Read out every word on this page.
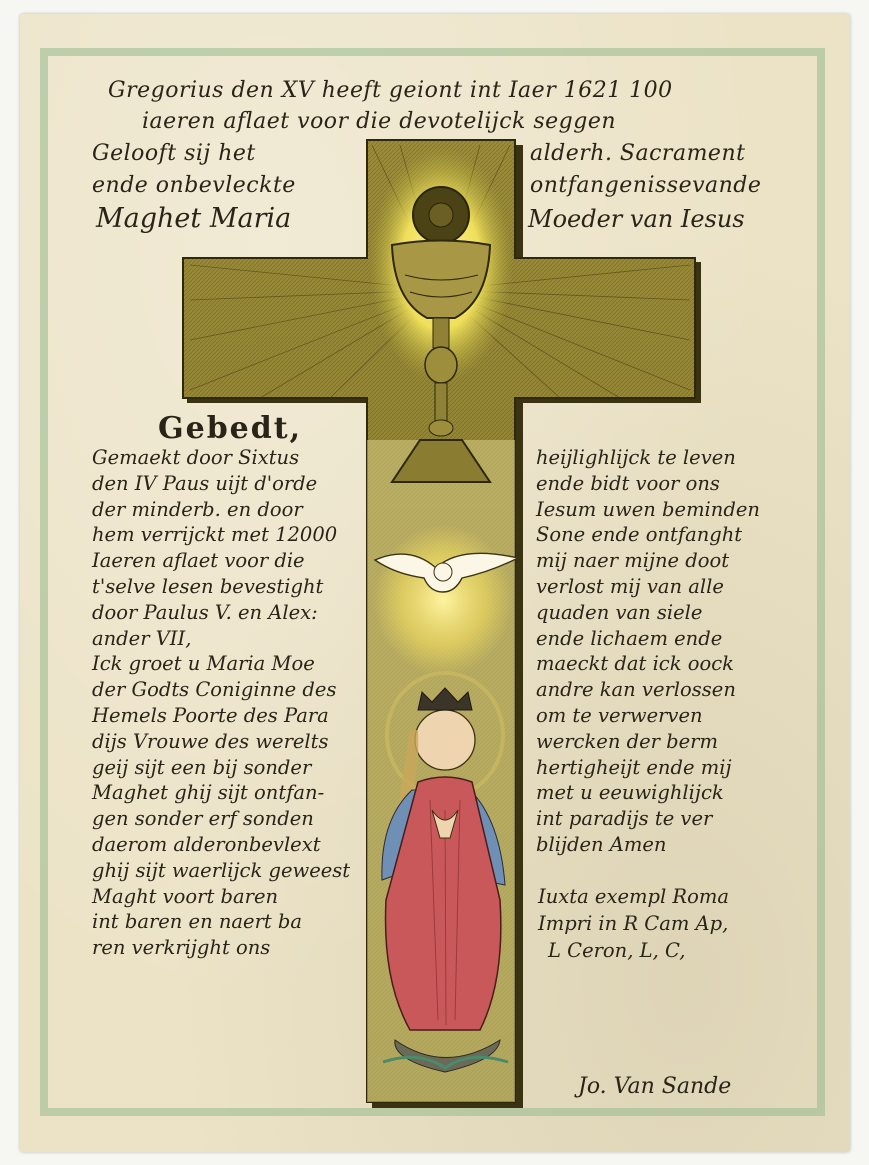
Gregorius den XV heeft geiont int Iaer 1621 100
iaeren aflaet voor die devotelijck seggen
Gelooft sij het
ende onbevleckte
Maghet Maria
alderh. Sacrament
ontfangenissevande
Moeder van Iesus
Gebedt,
Gemaekt door Sixtus
den IV Paus uijt d'orde
der minderb. en door
hem verrijckt met 12000
Iaeren aflaet voor die
t'selve lesen bevestight
door Paulus V. en Alex:
ander VII,
Ick groet u Maria Moe
der Godts Coniginne des
Hemels Poorte des Para
dijs Vrouwe des werelts
geij sijt een bij sonder
Maghet ghij sijt ontfan-
gen sonder erf sonden
daerom alderonbevlext
ghij sijt waerlijck geweest
Maght voort baren
int baren en naert ba
ren verkrijght ons
heijlighlijck te leven
ende bidt voor ons
Iesum uwen beminden
Sone ende ontfanght
mij naer mijne doot
verlost mij van alle
quaden van siele
ende lichaem ende
maeckt dat ick oock
andre kan verlossen
om te verwerven
wercken der berm
hertigheijt ende mij
met u eeuwighlijck
int paradijs te ver
blijden Amen
Iuxta exempl Roma
Impri in R Cam Ap,
L Ceron, L, C,
Jo. Van Sande
